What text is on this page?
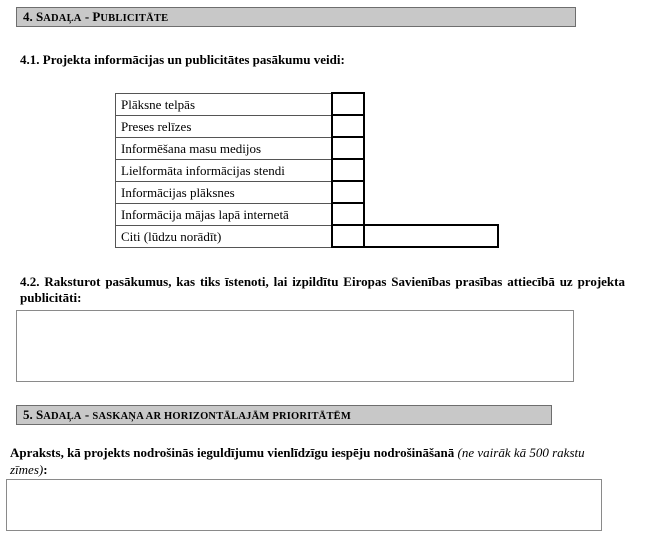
4. SADAĻA - PUBLICITĀTE
4.1. Projekta informācijas un publicitātes pasākumu veidi:
Plāksne telpās		
Preses relīzes		
Informēšana masu medijos		
Lielformāta informācijas stendi		
Informācijas plāksnes		
Informācija mājas lapā internetā		
Citi (lūdzu norādīt)		
4.2. Raksturot pasākumus, kas tiks īstenoti, lai izpildītu Eiropas Savienības prasības attiecībā uz projekta publicitāti:
5. SADAĻA - SASKAŅA AR HORIZONTĀLAJĀM PRIORITĀTĒM
Apraksts, kā projekts nodrošinās ieguldījumu vienlīdzīgu iespēju nodrošināšanā (ne vairāk kā 500 rakstu zīmes):
